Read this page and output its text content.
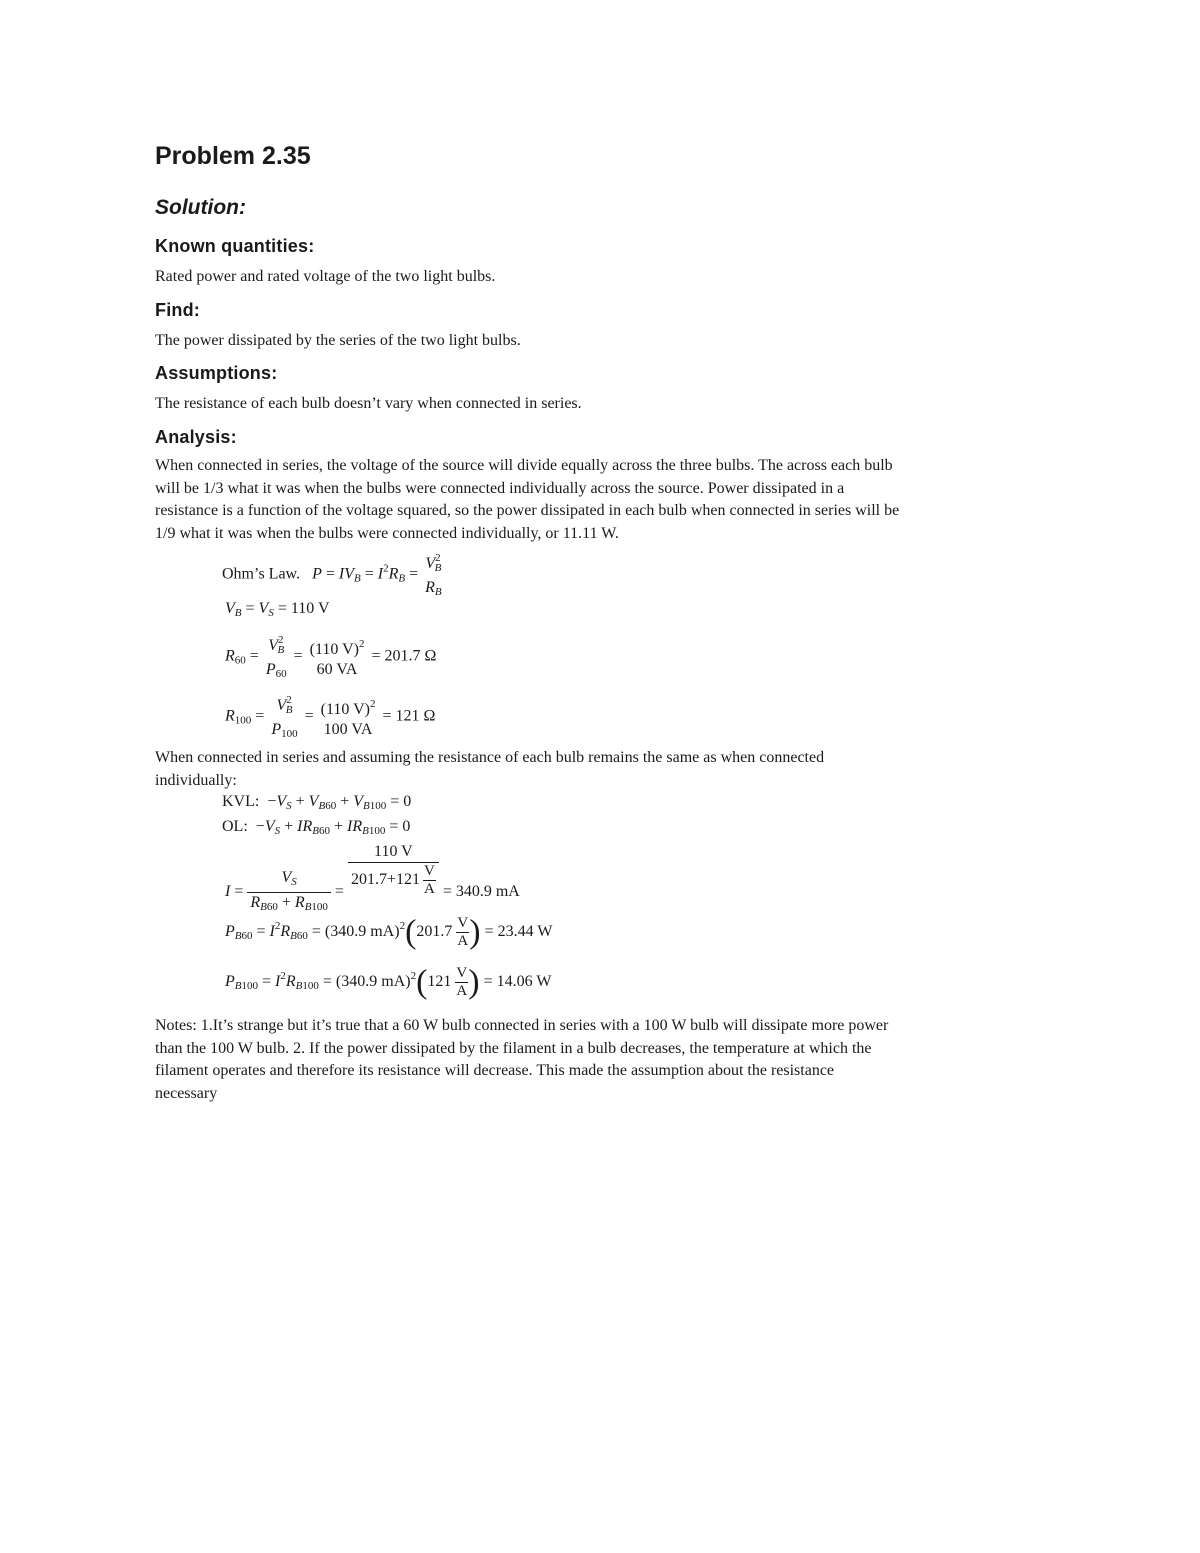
Problem 2.35
Solution:
Known quantities:

Rated power and rated voltage of the two light bulbs.

Find:

The power dissipated by the series of the two light bulbs.

Assumptions:

The resistance of each bulb doesn’t vary when connected in series.

Analysis:
When connected in series, the voltage of the source will divide equally across the three bulbs. The across each bulb
will be 1/3 what it was when the bulbs were connected individually across the source. Power dissipated in a
resistance is a function of the voltage squared, so the power dissipated in each bulb when connected in series will be
1/9 what it was when the bulbs were connected individually, or 11.11 W.
Ohm’s Law. $P = IV_B = I^2R_B$ =
$V^2_B$
$R_B$
$V_B = V_S = 110$ V
$R_{60}$ =
$V^2_B$
$P_{60}$
= (110 V)$^2$
60 VA
= 201.7 Ω
$R_{100}$ =
$V^2_B$
$P_{100}$
= (110 V)$^2$
100 VA
= 121 Ω
When connected in series and assuming the resistance of each bulb remains the same as when connected
individually:
KVL:  $-V_S + V_{B60} + V_{B100} = 0$
OL:  $-V_S + IR_{B60} + IR_{B100} = 0$
$I = \frac{V_S}{R_{B60} + R_{B100}} = \frac{110 V}{201.7+121 \frac{V}{A}} = 340.9$ mA
$P_{B60} = I^2R_{B60} = (340.9$ $mA)^2(201.7 \frac{V}{A}$ ) = 23.44 W
$P_{B100} = I^2R_{B100} = (340.9$ $mA)^2(121 \frac{V}{A}$ ) = 14.06 W
Notes: 1.It’s strange but it’s true that a 60 W bulb connected in series with a 100 W bulb will dissipate more power
than the 100 W bulb. 2. If the power dissipated by the filament in a bulb decreases, the temperature at which the
filament operates and therefore its resistance will decrease. This made the assumption about the resistance
necessary
